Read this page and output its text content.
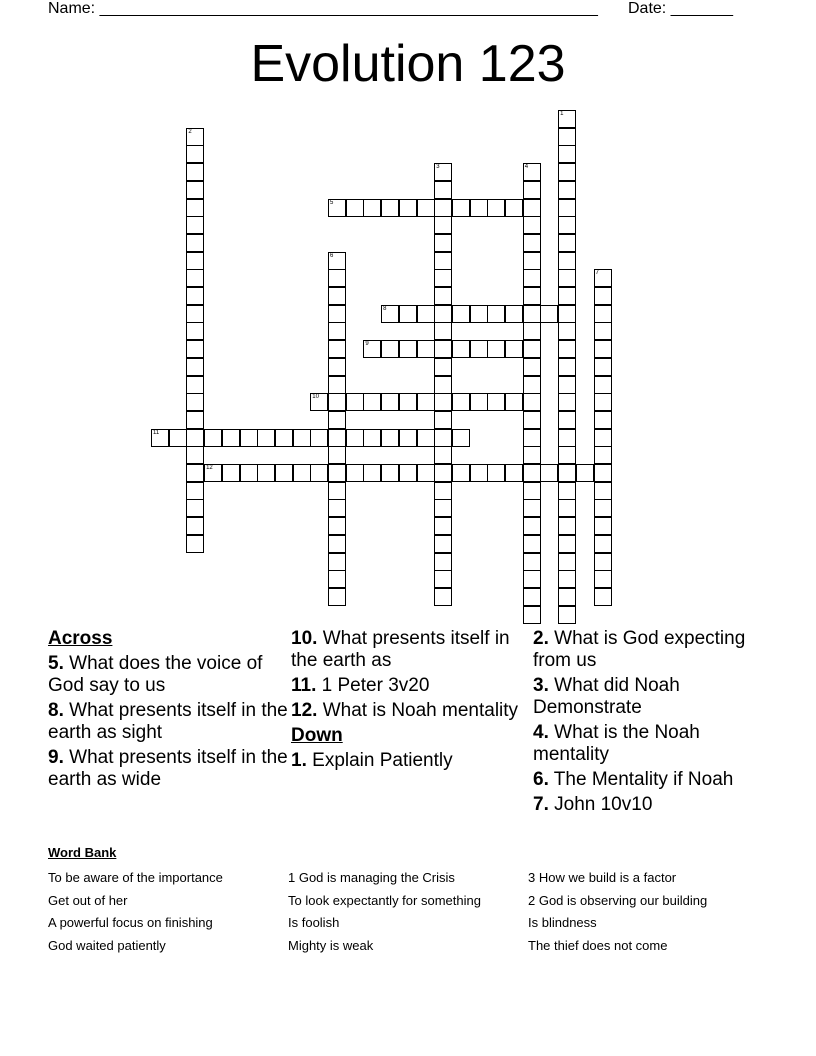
Name: ________________________________________________________ Date: _______
Evolution 123
1
2
3	4
5
6
7
8
9
10
11
12
Across
5. What does the voice of God say to us
8. What presents itself in the earth as sight
9. What presents itself in the earth as wide
10. What presents itself in the earth as
11. 1 Peter 3v20
12. What is Noah mentality
Down
1. Explain Patiently
2. What is God expecting from us
3. What did Noah Demonstrate
4. What is the Noah mentality
6. The Mentality if Noah
7. John 10v10
Word Bank
To be aware of the importance
Get out of her
A powerful focus on finishing
God waited patiently
1 God is managing the Crisis
To look expectantly for something
Is foolish
Mighty is weak
3 How we build is a factor
2 God is observing our building
Is blindness
The thief does not come
